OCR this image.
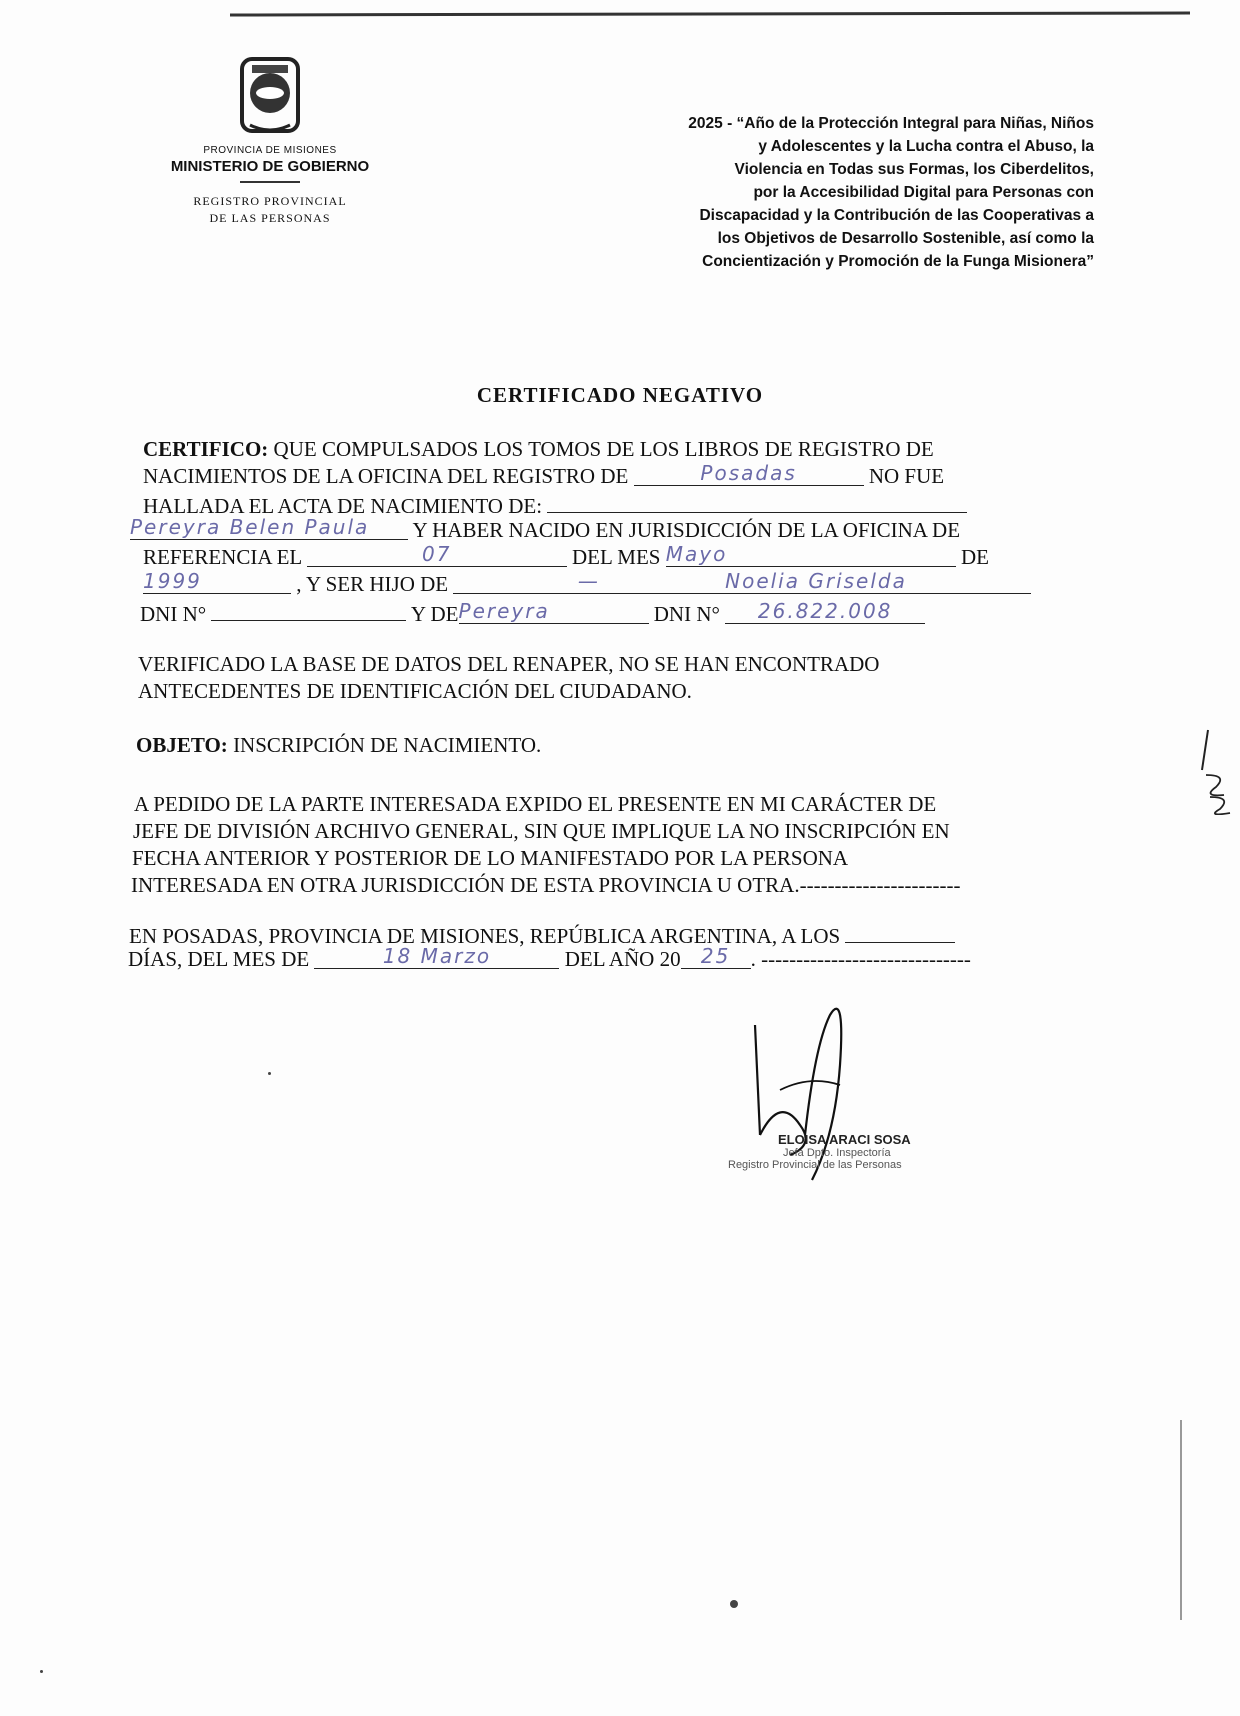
PROVINCIA DE MISIONES
MINISTERIO DE GOBIERNO
REGISTRO PROVINCIAL
DE LAS PERSONAS
2025 - “Año de la Protección Integral para Niñas, Niños
y Adolescentes y la Lucha contra el Abuso, la
Violencia en Todas sus Formas, los Ciberdelitos,
por la Accesibilidad Digital para Personas con
Discapacidad y la Contribución de las Cooperativas a
los Objetivos de Desarrollo Sostenible, así como la
Concientización y Promoción de la Funga Misionera”
CERTIFICADO NEGATIVO
CERTIFICO: QUE COMPULSADOS LOS TOMOS DE LOS LIBROS DE REGISTRO DE
NACIMIENTOS DE LA OFICINA DEL REGISTRO DE	Posadas	NO FUE
HALLADA EL ACTA DE NACIMIENTO DE:
Pereyra Belen Paula Y HABER NACIDO EN JURISDICCIÓN DE LA OFICINA DE
REFERENCIA EL	07	DEL MES Mayo	DE
1999	, Y SER HIJO DE	—	Noelia Griselda
DNI N°	Y DEPereyra	DNI N° 26.822.008
VERIFICADO LA BASE DE DATOS DEL RENAPER, NO SE HAN ENCONTRADO
ANTECEDENTES DE IDENTIFICACIÓN DEL CIUDADANO.
OBJETO: INSCRIPCIÓN DE NACIMIENTO.
A PEDIDO DE LA PARTE INTERESADA EXPIDO EL PRESENTE EN MI CARÁCTER DE
JEFE DE DIVISIÓN ARCHIVO GENERAL, SIN QUE IMPLIQUE LA NO INSCRIPCIÓN EN
FECHA ANTERIOR Y POSTERIOR DE LO MANIFESTADO POR LA PERSONA
INTERESADA EN OTRA JURISDICCIÓN DE ESTA PROVINCIA U OTRA.-----------------------
EN POSADAS, PROVINCIA DE MISIONES, REPÚBLICA ARGENTINA, A LOS
DÍAS, DEL MES DE	18 Marzo	DEL AÑO 20 25 . ------------------------------
ELOISA ARACI SOSA
Jefa Dpto. Inspectoría
Registro Provincial de las Personas
